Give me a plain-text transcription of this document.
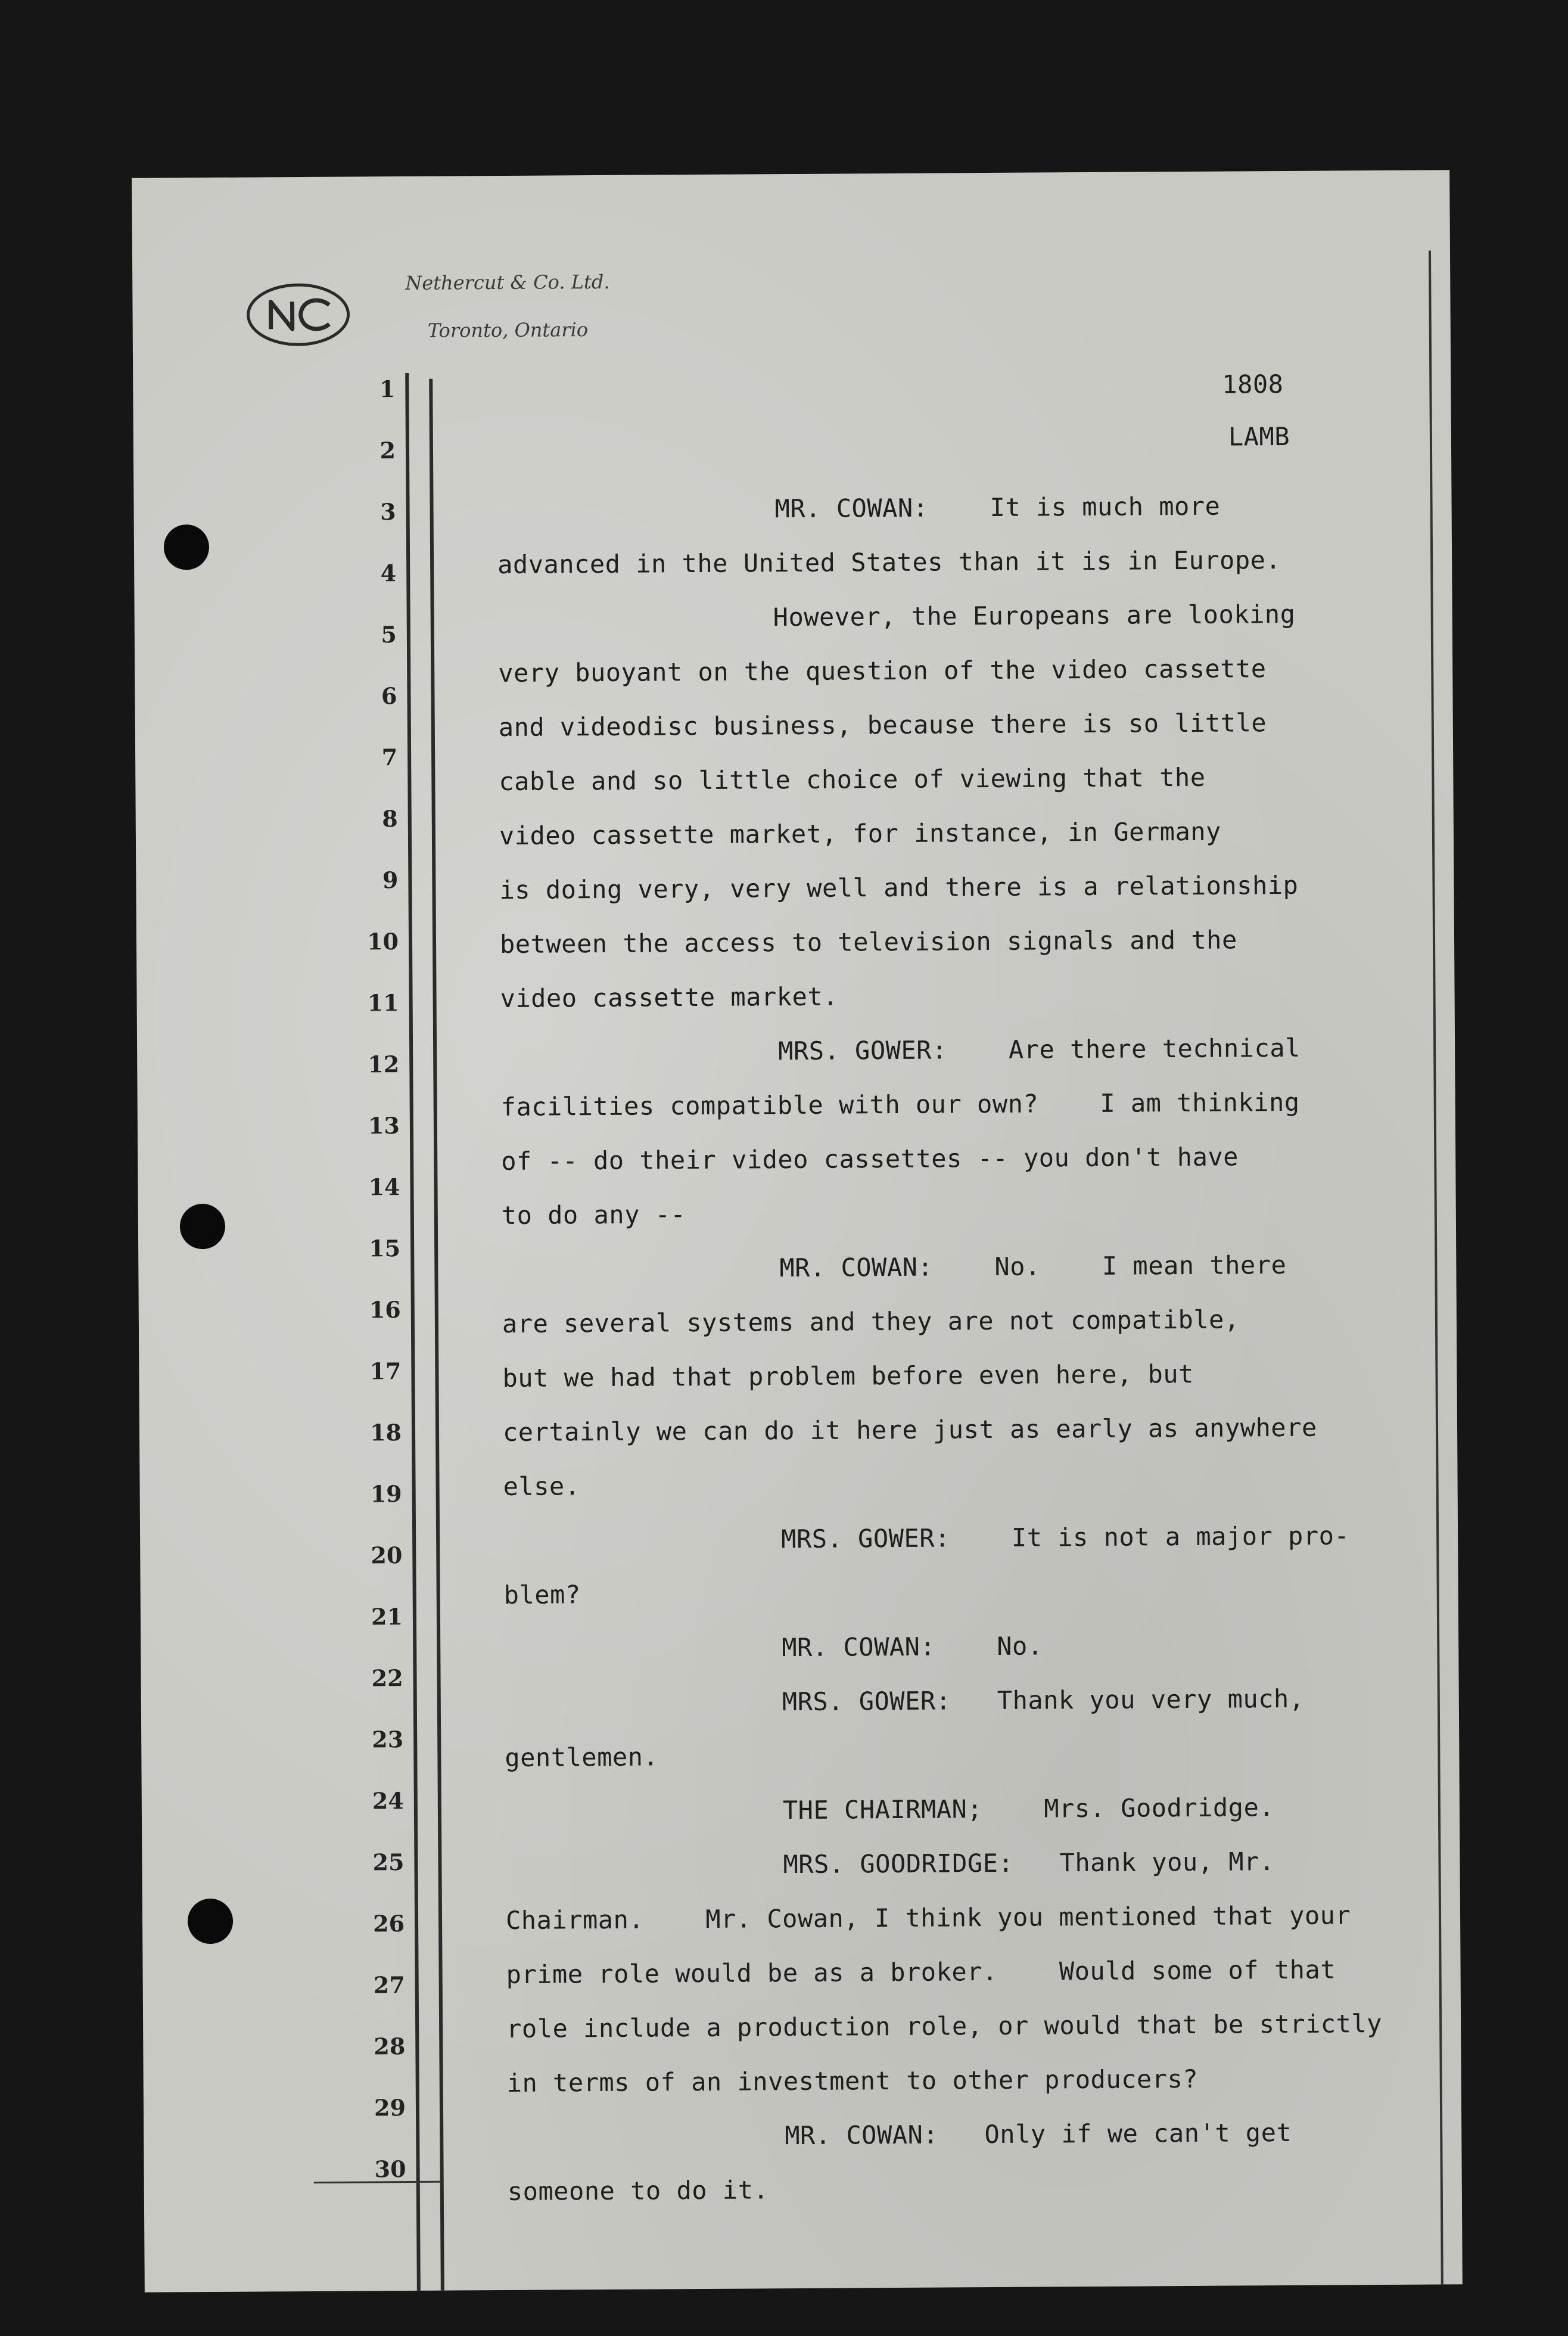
Nethercut & Co. Ltd.
Toronto, Ontario
1808
LAMB
1
2
3
4
5
6
7
8
9
10
11
12
13
14
15
16
17
18
19
20
21
22
23
24
25
26
27
28
29
30
MR. COWAN:    It is much more
advanced in the United States than it is in Europe.
However, the Europeans are looking
very buoyant on the question of the video cassette
and videodisc business, because there is so little
cable and so little choice of viewing that the
video cassette market, for instance, in Germany
is doing very, very well and there is a relationship
between the access to television signals and the
video cassette market.
MRS. GOWER:    Are there technical
facilities compatible with our own?    I am thinking
of -- do their video cassettes -- you don't have
to do any --
MR. COWAN:    No.    I mean there
are several systems and they are not compatible,
but we had that problem before even here, but
certainly we can do it here just as early as anywhere
else.
MRS. GOWER:    It is not a major pro-
blem?
MR. COWAN:    No.
MRS. GOWER:   Thank you very much,
gentlemen.
THE CHAIRMAN;    Mrs. Goodridge.
MRS. GOODRIDGE:   Thank you, Mr.
Chairman.    Mr. Cowan, I think you mentioned that your
prime role would be as a broker.    Would some of that
role include a production role, or would that be strictly
in terms of an investment to other producers?
MR. COWAN:   Only if we can't get
someone to do it.
